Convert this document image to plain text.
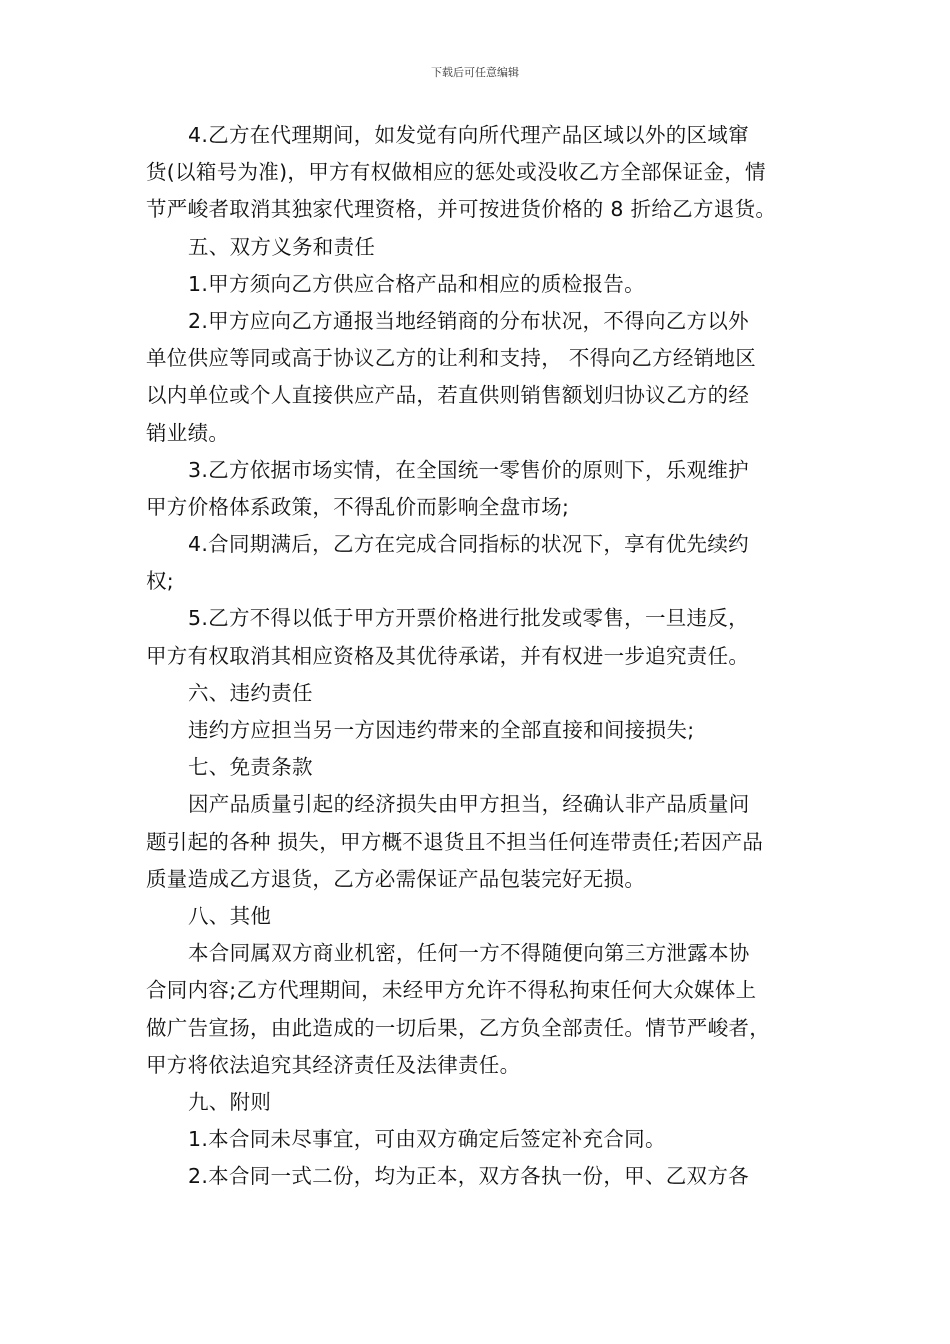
下载后可任意编辑
4.乙方在代理期间，如发觉有向所代理产品区域以外的区域窜
货(以箱号为准)，甲方有权做相应的惩处或没收乙方全部保证金，情
节严峻者取消其独家代理资格，并可按进货价格的 8 折给乙方退货。
五、双方义务和责任
1.甲方须向乙方供应合格产品和相应的质检报告。
2.甲方应向乙方通报当地经销商的分布状况，不得向乙方以外
单位供应等同或高于协议乙方的让利和支持， 不得向乙方经销地区
以内单位或个人直接供应产品，若直供则销售额划归协议乙方的经
销业绩。
3.乙方依据市场实情，在全国统一零售价的原则下，乐观维护
甲方价格体系政策，不得乱价而影响全盘市场;
4.合同期满后，乙方在完成合同指标的状况下，享有优先续约
权;
5.乙方不得以低于甲方开票价格进行批发或零售，一旦违反，
甲方有权取消其相应资格及其优待承诺，并有权进一步追究责任。
六、违约责任
违约方应担当另一方因违约带来的全部直接和间接损失;
七、免责条款
因产品质量引起的经济损失由甲方担当，经确认非产品质量问
题引起的各种 损失，甲方概不退货且不担当任何连带责任;若因产品
质量造成乙方退货，乙方必需保证产品包装完好无损。
八、其他
本合同属双方商业机密，任何一方不得随便向第三方泄露本协
合同内容;乙方代理期间，未经甲方允许不得私拘束任何大众媒体上
做广告宣扬，由此造成的一切后果，乙方负全部责任。情节严峻者，
甲方将依法追究其经济责任及法律责任。
九、附则
1.本合同未尽事宜，可由双方确定后签定补充合同。
2.本合同一式二份，均为正本，双方各执一份，甲、乙双方各
